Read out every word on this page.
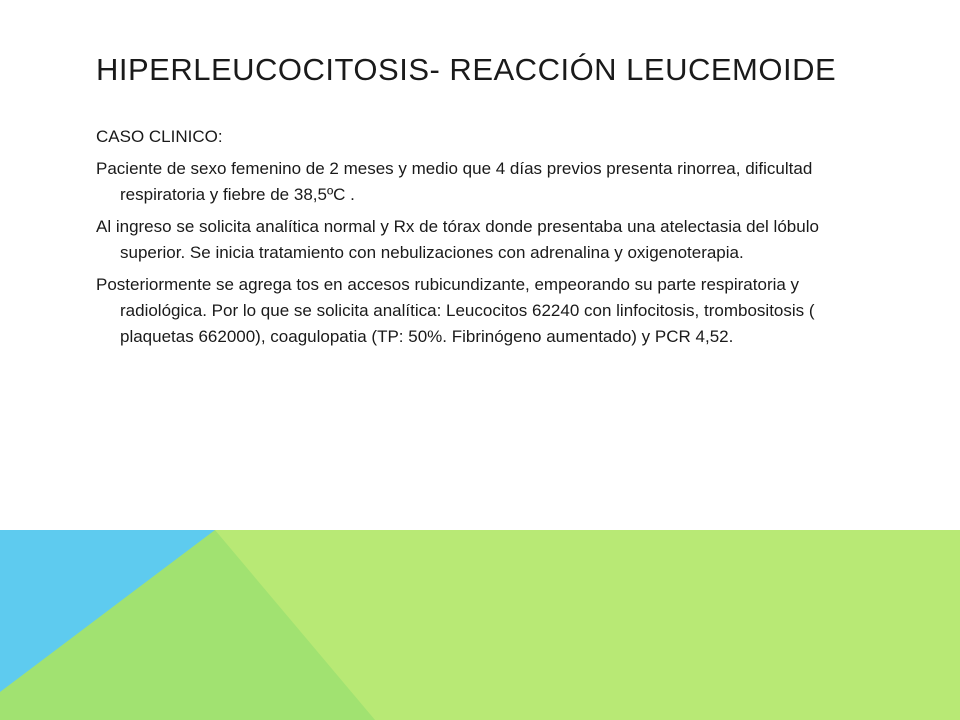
HIPERLEUCOCITOSIS- REACCIÓN LEUCEMOIDE

CASO CLINICO:

Paciente de sexo femenino de 2 meses y medio que 4 días previos presenta rinorrea, dificultad respiratoria y fiebre de 38,5ºC .

Al ingreso se solicita analítica normal y Rx de tórax donde presentaba una atelectasia del lóbulo superior. Se inicia tratamiento con nebulizaciones con adrenalina y oxigenoterapia.

Posteriormente se agrega tos en accesos rubicundizante, empeorando su parte respiratoria y radiológica. Por lo que se solicita analítica: Leucocitos 62240 con linfocitosis, trombositosis ( plaquetas 662000), coagulopatia (TP: 50%. Fibrinógeno aumentado) y PCR 4,52.
